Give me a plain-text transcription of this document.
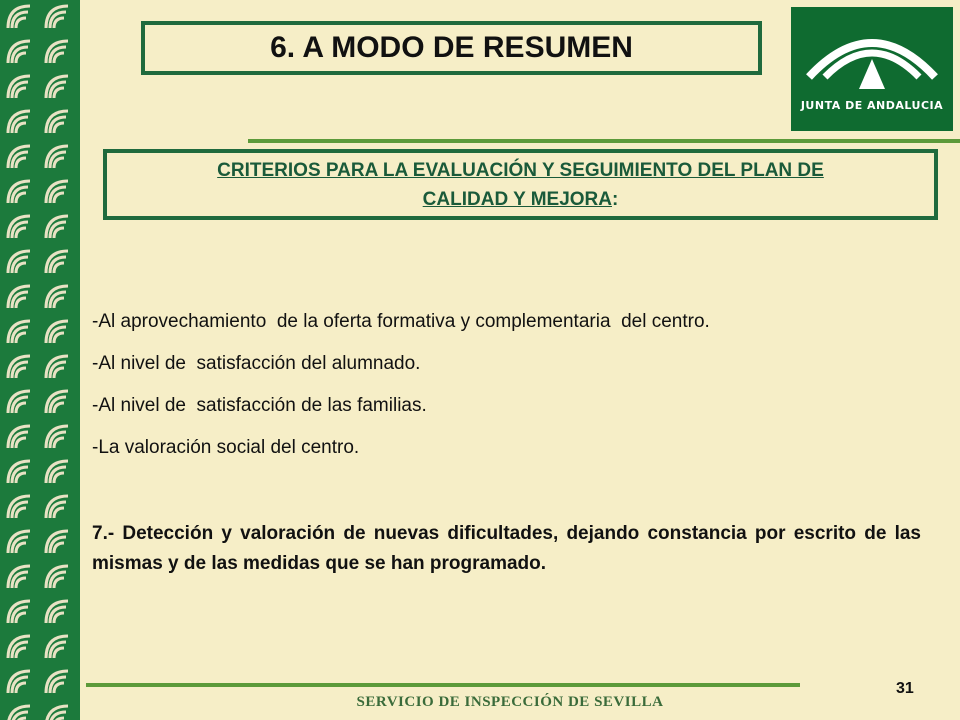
6. A MODO DE RESUMEN
JUNTA DE ANDALUCIA
CRITERIOS PARA LA EVALUACIÓN Y SEGUIMIENTO DEL PLAN DE
CALIDAD Y MEJORA:
-Al aprovechamiento  de la oferta formativa y complementaria  del centro.
-Al nivel de  satisfacción del alumnado.
-Al nivel de  satisfacción de las familias.
-La valoración social del centro.
7.- Detección y valoración de nuevas dificultades, dejando constancia por escrito de las mismas y de las medidas que se han programado.
31
SERVICIO DE INSPECCIÓN DE SEVILLA
